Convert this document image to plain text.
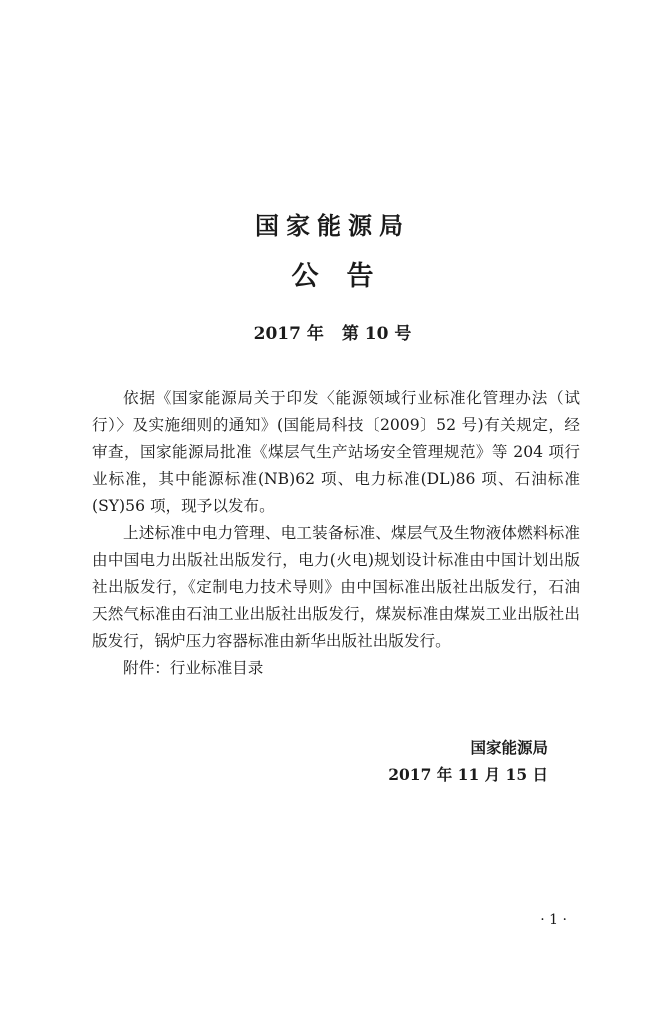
国家能源局
公告
2017 年 第 10 号

依据《国家能源局关于印发〈能源领域行业标准化管理办法（试行）〉及实施细则的通知》(国能局科技〔2009〕52 号)有关规定，经审查，国家能源局批准《煤层气生产站场安全管理规范》等 204 项行业标准，其中能源标准(NB)62 项、电力标准(DL)86 项、石油标准(SY)56 项，现予以发布。

上述标准中电力管理、电工装备标准、煤层气及生物液体燃料标准由中国电力出版社出版发行，电力(火电)规划设计标准由中国计划出版社出版发行，《定制电力技术导则》由中国标准出版社出版发行，石油天然气标准由石油工业出版社出版发行，煤炭标准由煤炭工业出版社出版发行，锅炉压力容器标准由新华出版社出版发行。

附件：行业标准目录

国家能源局
2017 年 11 月 15 日
· 1 ·
